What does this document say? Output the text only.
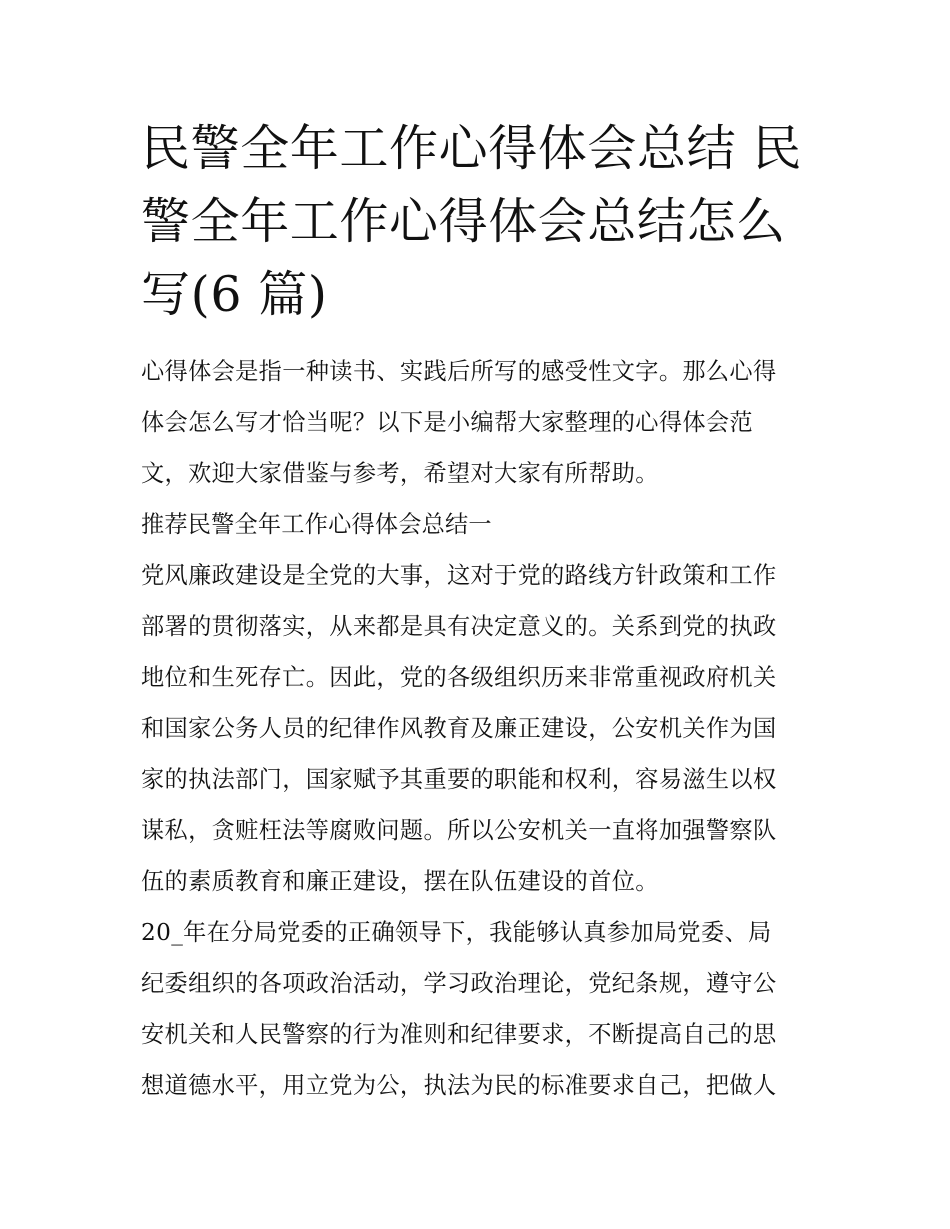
民警全年工作心得体会总结 民
警全年工作心得体会总结怎么
写(6 篇)

心得体会是指一种读书、实践后所写的感受性文字。那么心得
体会怎么写才恰当呢？以下是小编帮大家整理的心得体会范
文，欢迎大家借鉴与参考，希望对大家有所帮助。

推荐民警全年工作心得体会总结一

党风廉政建设是全党的大事，这对于党的路线方针政策和工作
部署的贯彻落实，从来都是具有决定意义的。关系到党的执政
地位和生死存亡。因此，党的各级组织历来非常重视政府机关
和国家公务人员的纪律作风教育及廉正建设，公安机关作为国
家的执法部门，国家赋予其重要的职能和权利，容易滋生以权
谋私，贪赃枉法等腐败问题。所以公安机关一直将加强警察队
伍的素质教育和廉正建设，摆在队伍建设的首位。

20_年在分局党委的正确领导下，我能够认真参加局党委、局
纪委组织的各项政治活动，学习政治理论，党纪条规，遵守公
安机关和人民警察的行为准则和纪律要求，不断提高自己的思
想道德水平，用立党为公，执法为民的标准要求自己，把做人
